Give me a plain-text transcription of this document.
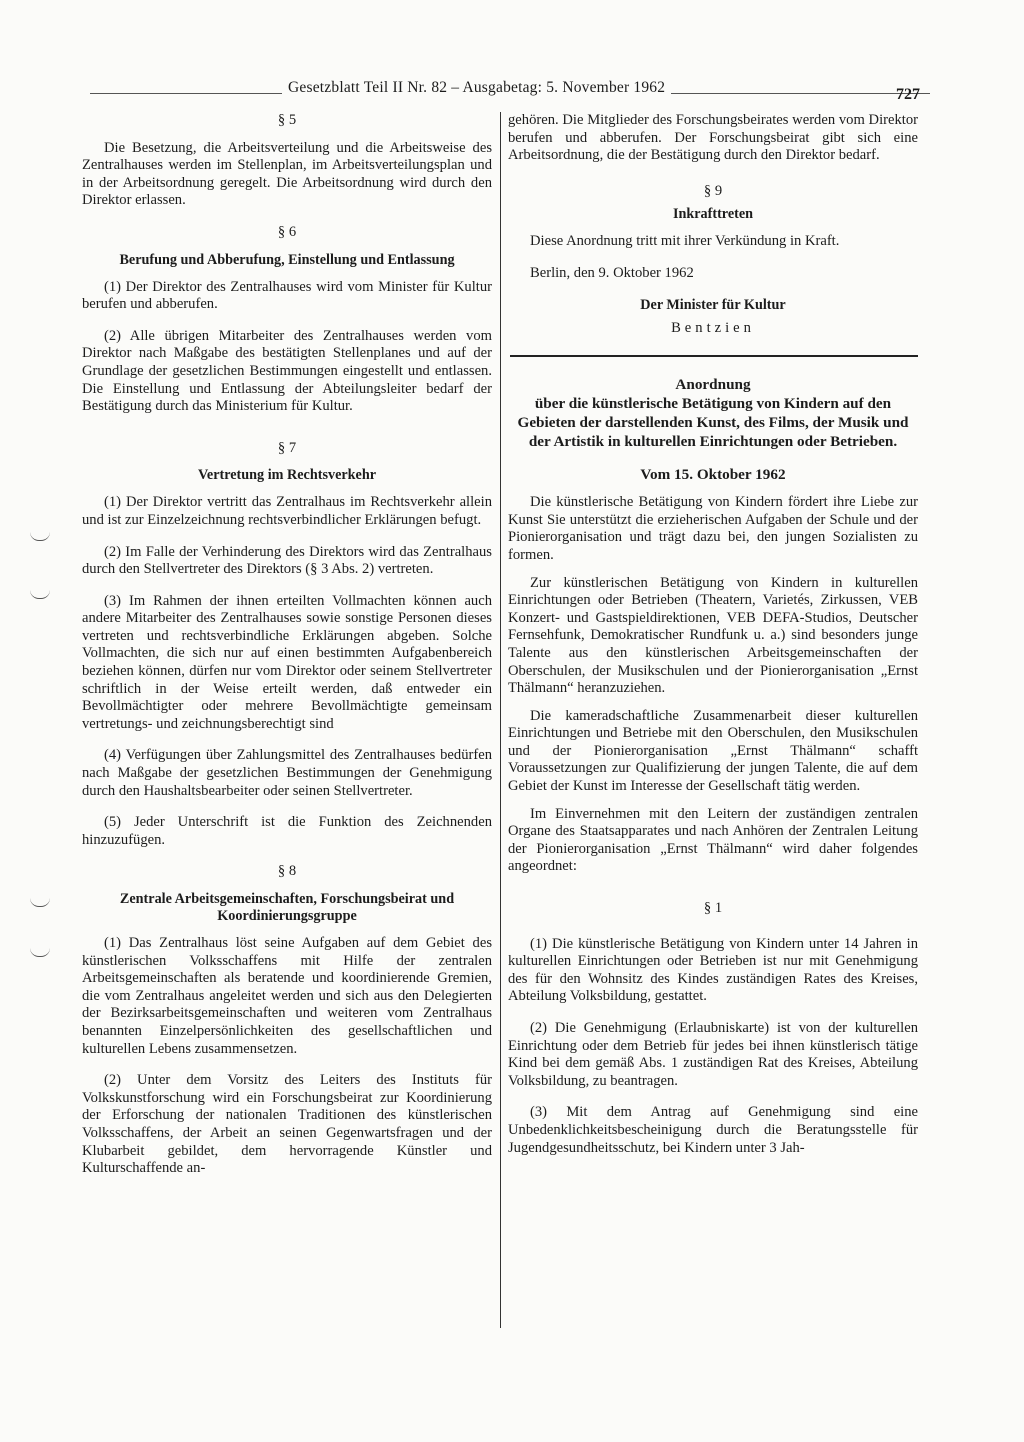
Gesetzblatt Teil II Nr. 82 – Ausgabetag: 5. November 1962	727

§ 5

Die Besetzung, die Arbeitsverteilung und die Arbeitsweise des Zentralhauses werden im Stellenplan, im Arbeitsverteilungsplan und in der Arbeitsordnung geregelt. Die Arbeitsordnung wird durch den Direktor erlassen.

§ 6

Berufung und Abberufung, Einstellung und Entlassung

(1) Der Direktor des Zentralhauses wird vom Minister für Kultur berufen und abberufen.

(2) Alle übrigen Mitarbeiter des Zentralhauses werden vom Direktor nach Maßgabe des bestätigten Stellenplanes und auf der Grundlage der gesetzlichen Bestimmungen eingestellt und entlassen. Die Einstellung und Entlassung der Abteilungsleiter bedarf der Bestätigung durch das Ministerium für Kultur.

§ 7

Vertretung im Rechtsverkehr

(1) Der Direktor vertritt das Zentralhaus im Rechtsverkehr allein und ist zur Einzelzeichnung rechtsverbindlicher Erklärungen befugt.

(2) Im Falle der Verhinderung des Direktors wird das Zentralhaus durch den Stellvertreter des Direktors (§ 3 Abs. 2) vertreten.

(3) Im Rahmen der ihnen erteilten Vollmachten können auch andere Mitarbeiter des Zentralhauses sowie sonstige Personen dieses vertreten und rechtsverbindliche Erklärungen abgeben. Solche Vollmachten, die sich nur auf einen bestimmten Aufgabenbereich beziehen können, dürfen nur vom Direktor oder seinem Stellvertreter schriftlich in der Weise erteilt werden, daß entweder ein Bevollmächtigter oder mehrere Bevollmächtigte gemeinsam vertretungs- und zeichnungsberechtigt sind

(4) Verfügungen über Zahlungsmittel des Zentralhauses bedürfen nach Maßgabe der gesetzlichen Bestimmungen der Genehmigung durch den Haushaltsbearbeiter oder seinen Stellvertreter.

(5) Jeder Unterschrift ist die Funktion des Zeichnenden hinzuzufügen.

§ 8

Zentrale Arbeitsgemeinschaften, Forschungsbeirat und Koordinierungsgruppe

(1) Das Zentralhaus löst seine Aufgaben auf dem Gebiet des künstlerischen Volksschaffens mit Hilfe der zentralen Arbeitsgemeinschaften als beratende und koordinierende Gremien, die vom Zentralhaus angeleitet werden und sich aus den Delegierten der Bezirksarbeitsgemeinschaften und weiteren vom Zentralhaus benannten Einzelpersönlichkeiten des gesellschaftlichen und kulturellen Lebens zusammensetzen.

(2) Unter dem Vorsitz des Leiters des Instituts für Volkskunstforschung wird ein Forschungsbeirat zur Koordinierung der Erforschung der nationalen Traditionen des künstlerischen Volksschaffens, der Arbeit an seinen Gegenwartsfragen und der Klubarbeit gebildet, dem hervorragende Künstler und Kulturschaffende an-

gehören. Die Mitglieder des Forschungsbeirates werden vom Direktor berufen und abberufen. Der Forschungsbeirat gibt sich eine Arbeitsordnung, die der Bestätigung durch den Direktor bedarf.

§ 9

Inkrafttreten

Diese Anordnung tritt mit ihrer Verkündung in Kraft.

Berlin, den 9. Oktober 1962

Der Minister für Kultur

Bentzien

Anordnung

über die künstlerische Betätigung von Kindern auf den Gebieten der darstellenden Kunst, des Films, der Musik und der Artistik in kulturellen Einrichtungen oder Betrieben.

Vom 15. Oktober 1962

Die künstlerische Betätigung von Kindern fördert ihre Liebe zur Kunst Sie unterstützt die erzieherischen Aufgaben der Schule und der Pionierorganisation und trägt dazu bei, den jungen Sozialisten zu formen.

Zur künstlerischen Betätigung von Kindern in kulturellen Einrichtungen oder Betrieben (Theatern, Varietés, Zirkussen, VEB Konzert- und Gastspieldirektionen, VEB DEFA-Studios, Deutscher Fernsehfunk, Demokratischer Rundfunk u. a.) sind besonders junge Talente aus den künstlerischen Arbeitsgemeinschaften der Oberschulen, der Musikschulen und der Pionierorganisation „Ernst Thälmann“ heranzuziehen.

Die kameradschaftliche Zusammenarbeit dieser kulturellen Einrichtungen und Betriebe mit den Oberschulen, den Musikschulen und der Pionierorganisation „Ernst Thälmann“ schafft Voraussetzungen zur Qualifizierung der jungen Talente, die auf dem Gebiet der Kunst im Interesse der Gesellschaft tätig werden.

Im Einvernehmen mit den Leitern der zuständigen zentralen Organe des Staatsapparates und nach Anhören der Zentralen Leitung der Pionierorganisation „Ernst Thälmann“ wird daher folgendes angeordnet:

§ 1

(1) Die künstlerische Betätigung von Kindern unter 14 Jahren in kulturellen Einrichtungen oder Betrieben ist nur mit Genehmigung des für den Wohnsitz des Kindes zuständigen Rates des Kreises, Abteilung Volksbildung, gestattet.

(2) Die Genehmigung (Erlaubniskarte) ist von der kulturellen Einrichtung oder dem Betrieb für jedes bei ihnen künstlerisch tätige Kind bei dem gemäß Abs. 1 zuständigen Rat des Kreises, Abteilung Volksbildung, zu beantragen.

(3) Mit dem Antrag auf Genehmigung sind eine Unbedenklichkeitsbescheinigung durch die Beratungsstelle für Jugendgesundheitsschutz, bei Kindern unter 3 Jah-
